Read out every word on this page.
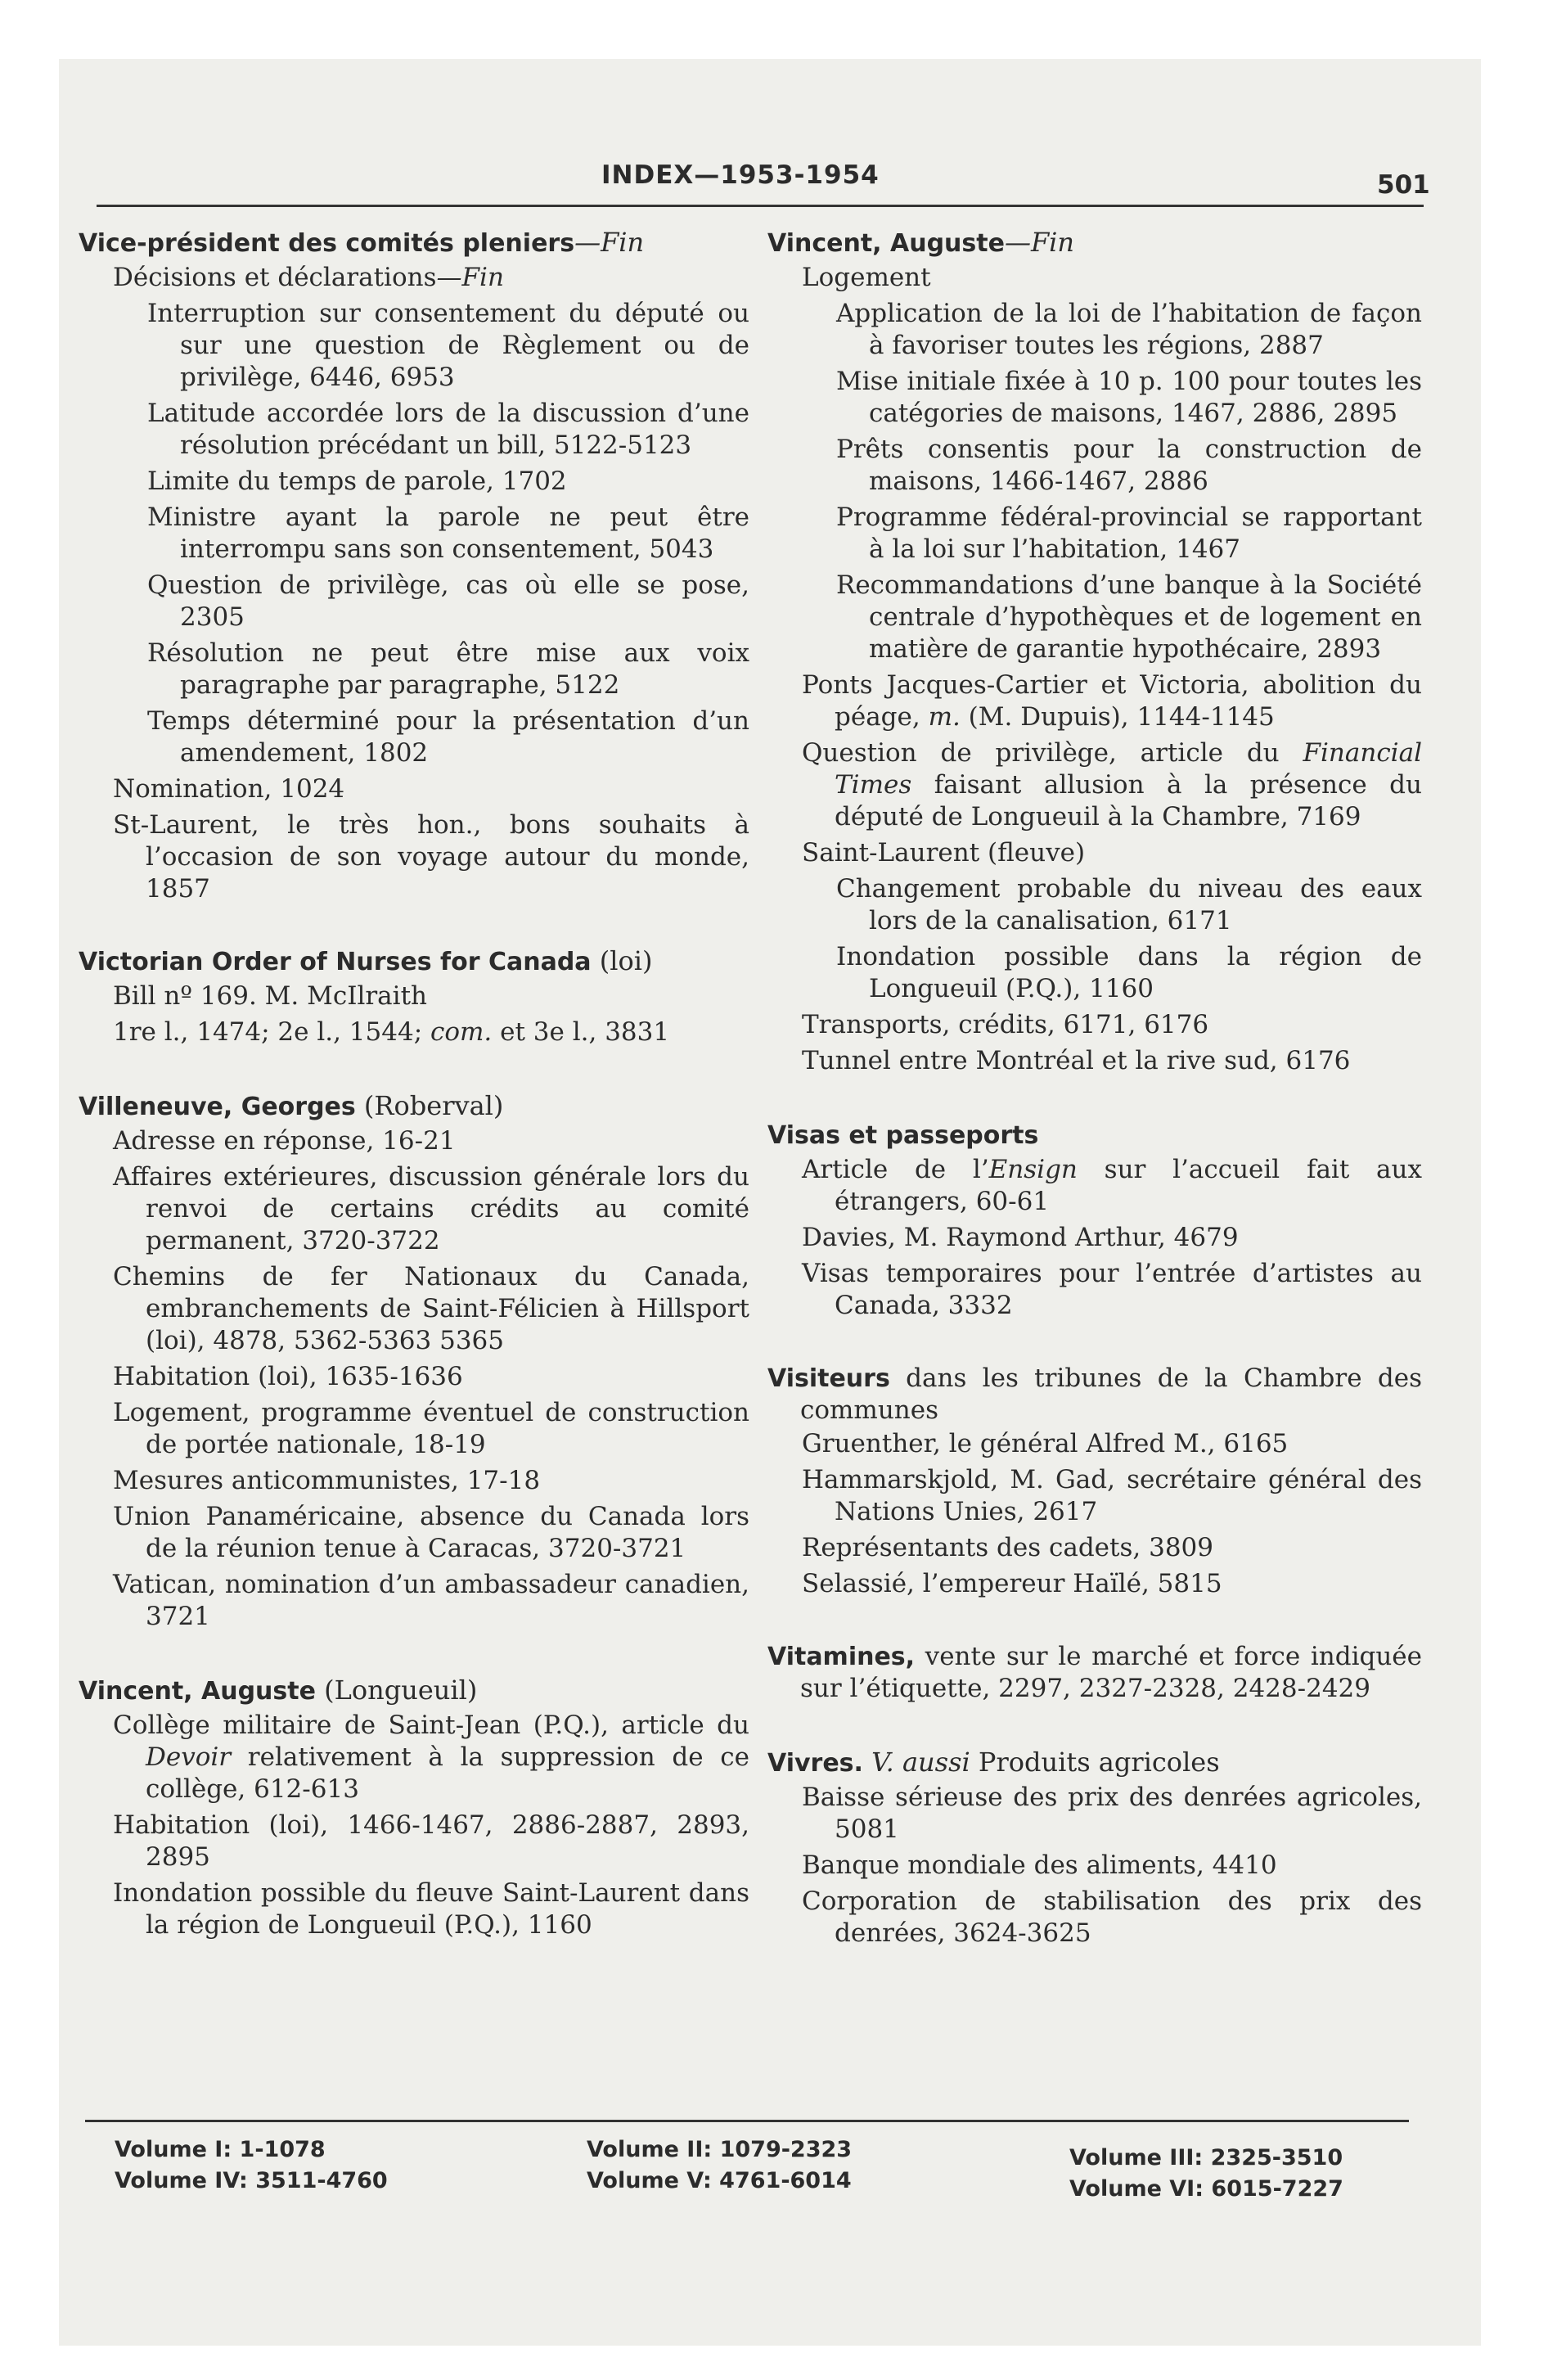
INDEX—1953-1954	501
Vice-président des comités pleniers—Fin
Décisions et déclarations—Fin
Interruption sur consentement du député ou sur une question de Règlement ou de privilège, 6446, 6953
Latitude accordée lors de la discussion d’une résolution précédant un bill, 5122-5123
Limite du temps de parole, 1702
Ministre ayant la parole ne peut être interrompu sans son consentement, 5043
Question de privilège, cas où elle se pose, 2305
Résolution ne peut être mise aux voix paragraphe par paragraphe, 5122
Temps déterminé pour la présentation d’un amendement, 1802
Nomination, 1024
St-Laurent, le très hon., bons souhaits à l’occasion de son voyage autour du monde, 1857
Victorian Order of Nurses for Canada (loi)
Bill nº 169. M. McIlraith
1re l., 1474; 2e l., 1544; com. et 3e l., 3831
Villeneuve, Georges (Roberval)
Adresse en réponse, 16-21
Affaires extérieures, discussion générale lors du renvoi de certains crédits au comité permanent, 3720-3722
Chemins de fer Nationaux du Canada, embranchements de Saint-Félicien à Hillsport (loi), 4878, 5362-5363 5365
Habitation (loi), 1635-1636
Logement, programme éventuel de construction de portée nationale, 18-19
Mesures anticommunistes, 17-18
Union Panaméricaine, absence du Canada lors de la réunion tenue à Caracas, 3720-3721
Vatican, nomination d’un ambassadeur canadien, 3721
Vincent, Auguste (Longueuil)
Collège militaire de Saint-Jean (P.Q.), article du Devoir relativement à la suppression de ce collège, 612-613
Habitation (loi), 1466-1467, 2886-2887, 2893, 2895
Inondation possible du fleuve Saint-Laurent dans la région de Longueuil (P.Q.), 1160
Vincent, Auguste—Fin
Logement
Application de la loi de l’habitation de façon à favoriser toutes les régions, 2887
Mise initiale fixée à 10 p. 100 pour toutes les catégories de maisons, 1467, 2886, 2895
Prêts consentis pour la construction de maisons, 1466-1467, 2886
Programme fédéral-provincial se rapportant à la loi sur l’habitation, 1467
Recommandations d’une banque à la Société centrale d’hypothèques et de logement en matière de garantie hypothécaire, 2893
Ponts Jacques-Cartier et Victoria, abolition du péage, m. (M. Dupuis), 1144-1145
Question de privilège, article du Financial Times faisant allusion à la présence du député de Longueuil à la Chambre, 7169
Saint-Laurent (fleuve)
Changement probable du niveau des eaux lors de la canalisation, 6171
Inondation possible dans la région de Longueuil (P.Q.), 1160
Transports, crédits, 6171, 6176
Tunnel entre Montréal et la rive sud, 6176
Visas et passeports
Article de l’Ensign sur l’accueil fait aux étrangers, 60-61
Davies, M. Raymond Arthur, 4679
Visas temporaires pour l’entrée d’artistes au Canada, 3332
Visiteurs dans les tribunes de la Chambre des communes
Gruenther, le général Alfred M., 6165
Hammarskjold, M. Gad, secrétaire général des Nations Unies, 2617
Représentants des cadets, 3809
Selassié, l’empereur Haïlé, 5815
Vitamines, vente sur le marché et force indiquée sur l’étiquette, 2297, 2327-2328, 2428-2429
Vivres. V. aussi Produits agricoles
Baisse sérieuse des prix des denrées agricoles, 5081
Banque mondiale des aliments, 4410
Corporation de stabilisation des prix des denrées, 3624-3625
Volume I: 1-1078
Volume IV: 3511-4760
Volume II: 1079-2323
Volume V: 4761-6014
Volume III: 2325-3510
Volume VI: 6015-7227
